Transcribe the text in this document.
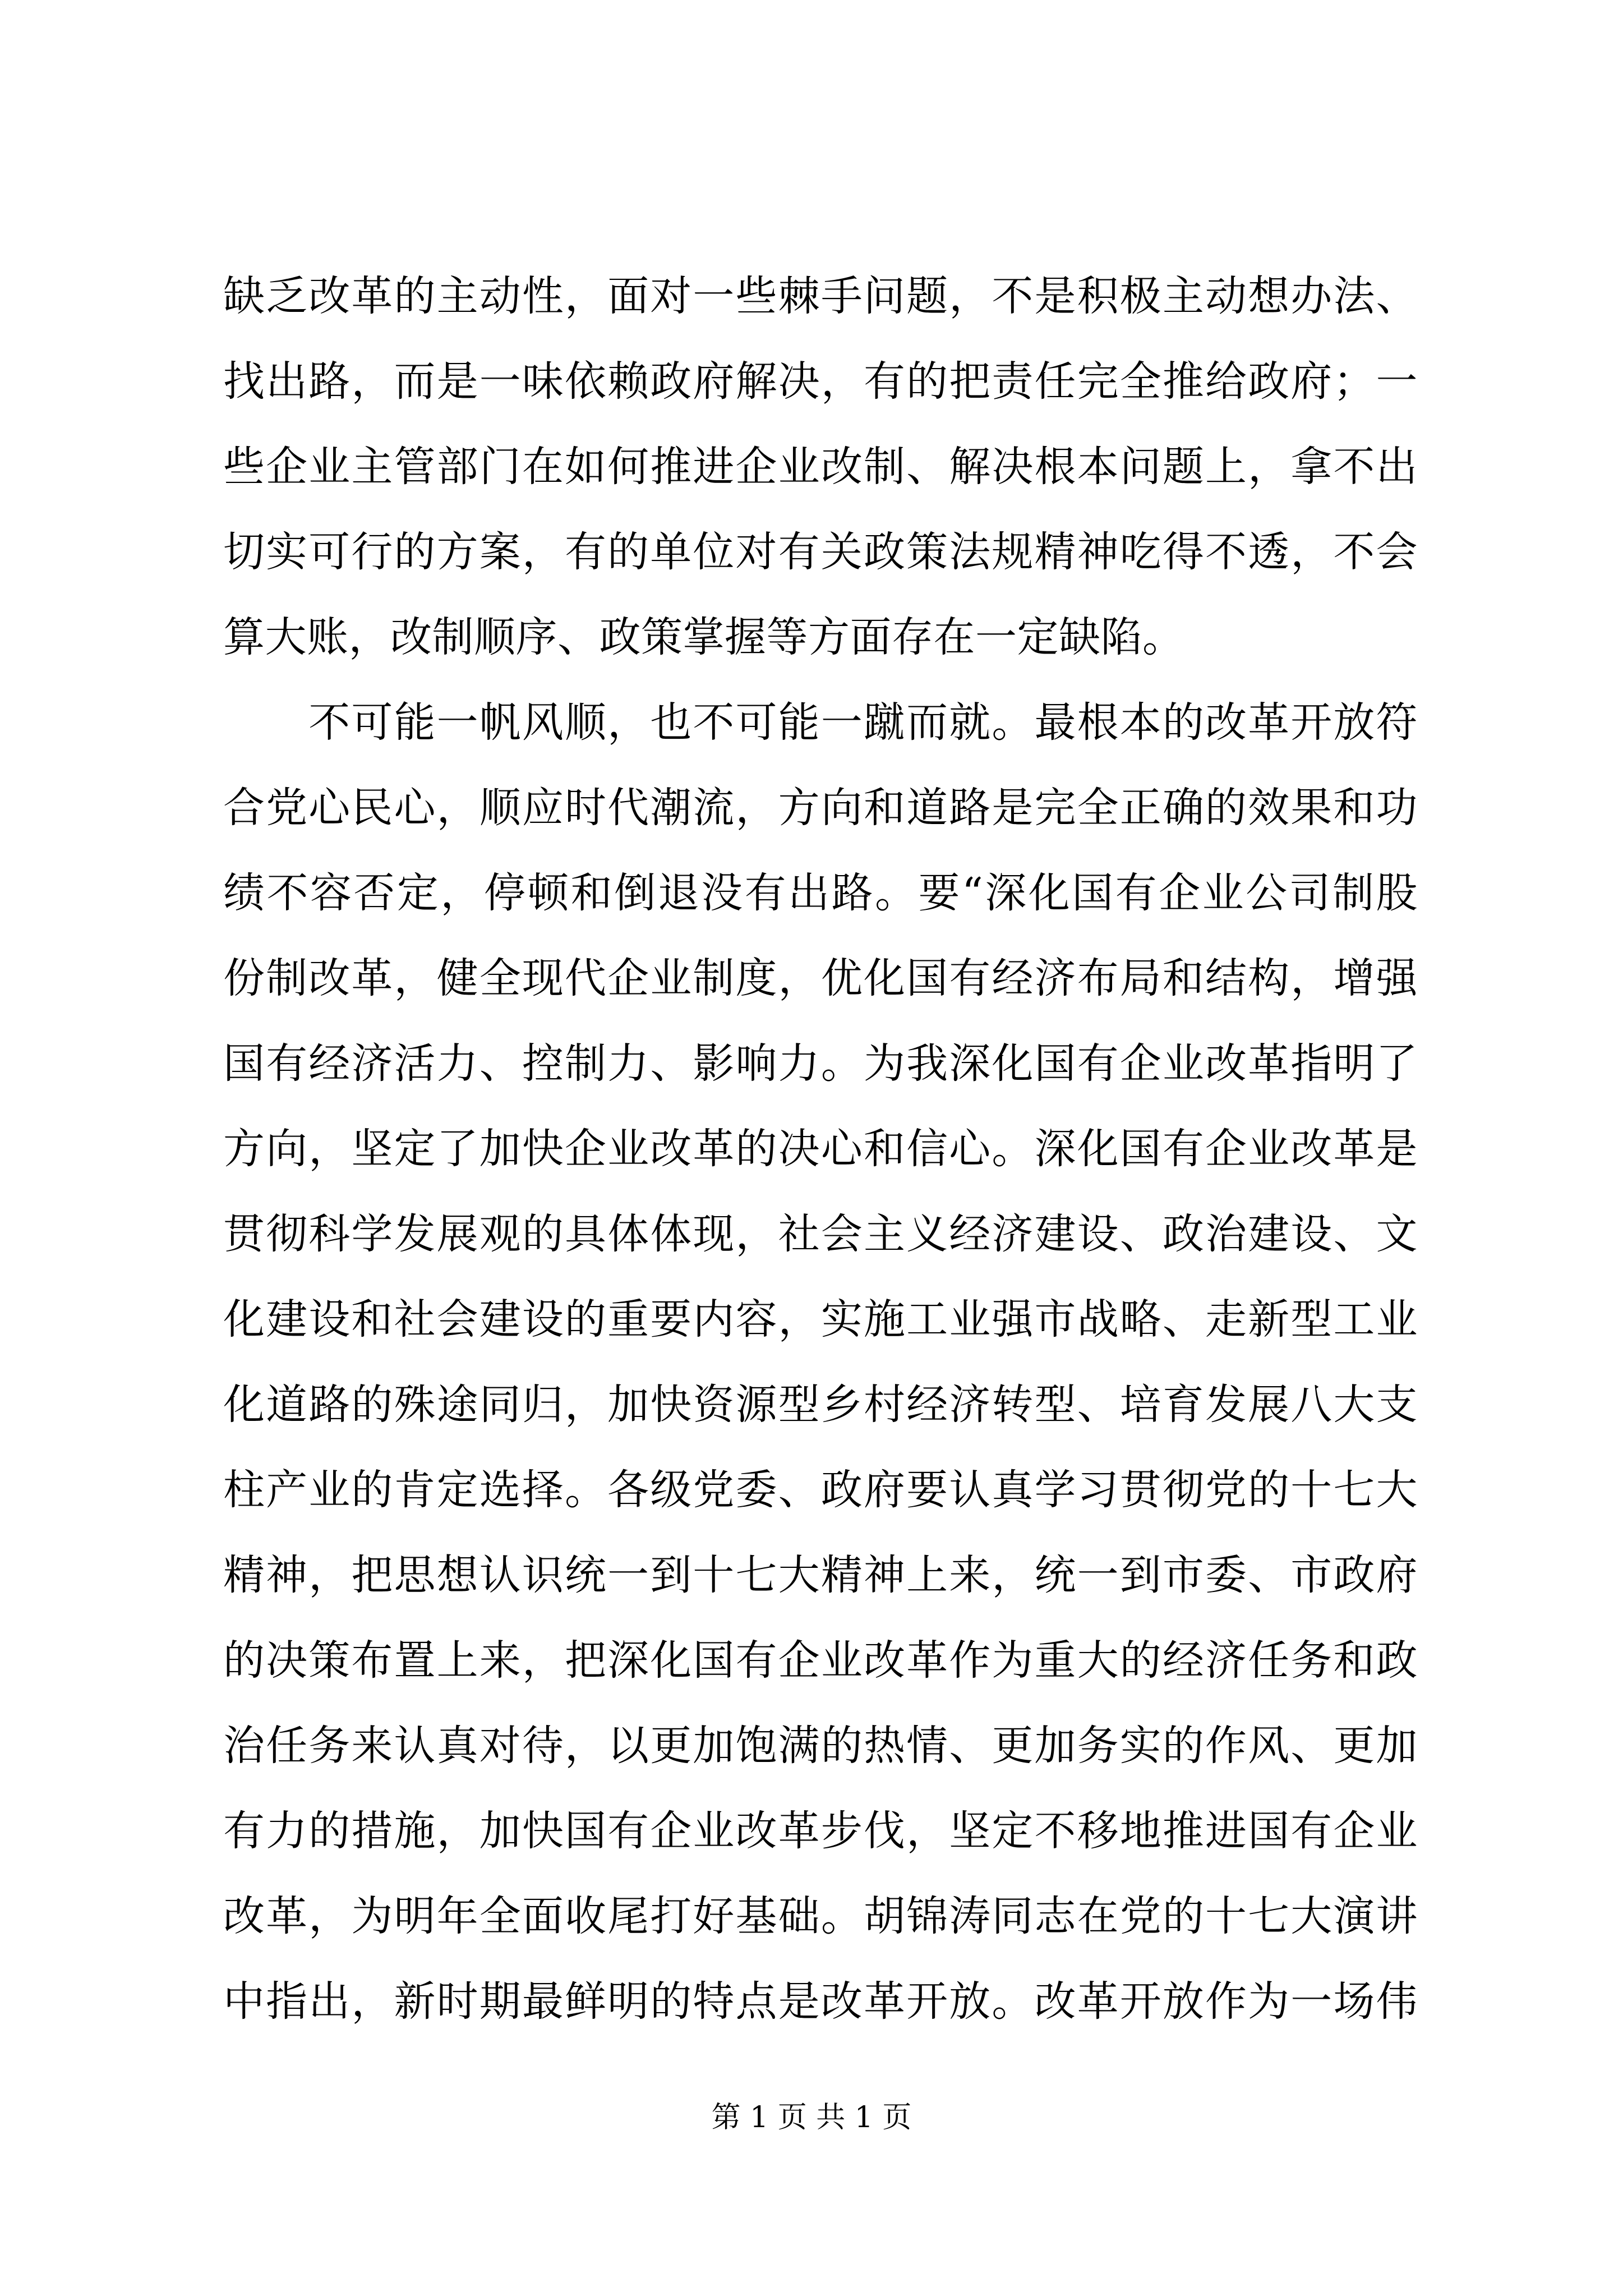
缺乏改革的主动性，面对一些棘手问题，不是积极主动想办法、
找出路，而是一味依赖政府解决，有的把责任完全推给政府；一
些企业主管部门在如何推进企业改制、解决根本问题上，拿不出
切实可行的方案，有的单位对有关政策法规精神吃得不透，不会
算大账，改制顺序、政策掌握等方面存在一定缺陷。
　　不可能一帆风顺，也不可能一蹴而就。最根本的改革开放符
合党心民心，顺应时代潮流，方向和道路是完全正确的效果和功
绩不容否定，停顿和倒退没有出路。要“深化国有企业公司制股
份制改革，健全现代企业制度，优化国有经济布局和结构，增强
国有经济活力、控制力、影响力。为我深化国有企业改革指明了
方向，坚定了加快企业改革的决心和信心。深化国有企业改革是
贯彻科学发展观的具体体现，社会主义经济建设、政治建设、文
化建设和社会建设的重要内容，实施工业强市战略、走新型工业
化道路的殊途同归，加快资源型乡村经济转型、培育发展八大支
柱产业的肯定选择。各级党委、政府要认真学习贯彻党的十七大
精神，把思想认识统一到十七大精神上来，统一到市委、市政府
的决策布置上来，把深化国有企业改革作为重大的经济任务和政
治任务来认真对待，以更加饱满的热情、更加务实的作风、更加
有力的措施，加快国有企业改革步伐，坚定不移地推进国有企业
改革，为明年全面收尾打好基础。胡锦涛同志在党的十七大演讲
中指出，新时期最鲜明的特点是改革开放。改革开放作为一场伟
第 1 页 共 1 页
